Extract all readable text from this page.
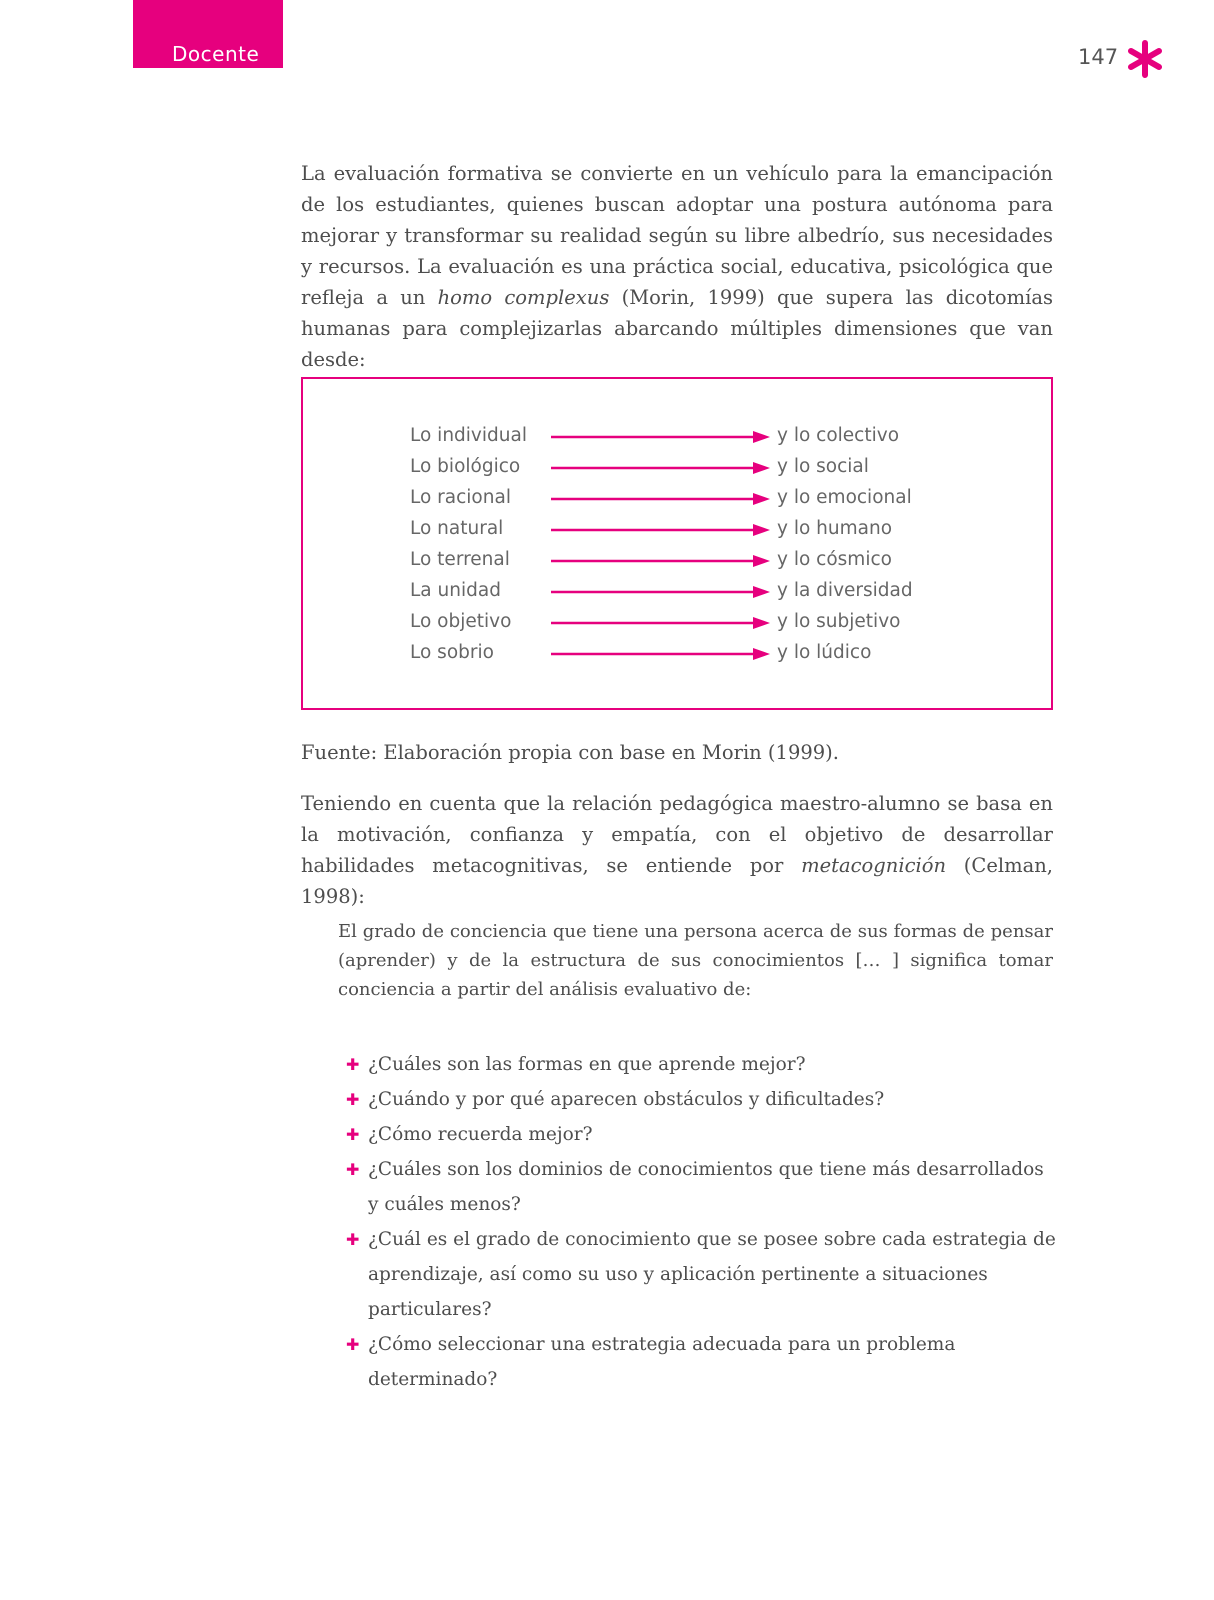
Docente	147

La evaluación formativa se convierte en un vehículo para la emancipación de los estudiantes, quienes buscan adoptar una postura autónoma para mejorar y transformar su realidad según su libre albedrío, sus necesidades y recursos. La evaluación es una práctica social, educativa, psicológica que refleja a un homo complexus (Morin, 1999) que supera las dicotomías humanas para complejizarlas abarcando múltiples dimensiones que van desde:

Lo individual	y lo colectivo
Lo biológico	y lo social
Lo racional	y lo emocional
Lo natural	y lo humano
Lo terrenal	y lo cósmico
La unidad	y la diversidad
Lo objetivo	y lo subjetivo
Lo sobrio	y lo lúdico

Fuente: Elaboración propia con base en Morin (1999).

Teniendo en cuenta que la relación pedagógica maestro-alumno se basa en la motivación, confianza y empatía, con el objetivo de desarrollar habilidades metacognitivas, se entiende por metacognición (Celman, 1998):

El grado de conciencia que tiene una persona acerca de sus formas de pensar (aprender) y de la estructura de sus conocimientos [… ] significa tomar conciencia a partir del análisis evaluativo de:

✚ ¿Cuáles son las formas en que aprende mejor?
✚ ¿Cuándo y por qué aparecen obstáculos y dificultades?
✚ ¿Cómo recuerda mejor?
✚ ¿Cuáles son los dominios de conocimientos que tiene más desarrollados y cuáles menos?
✚ ¿Cuál es el grado de conocimiento que se posee sobre cada estrategia de aprendizaje, así como su uso y aplicación pertinente a situaciones particulares?
✚ ¿Cómo seleccionar una estrategia adecuada para un problema determinado?
